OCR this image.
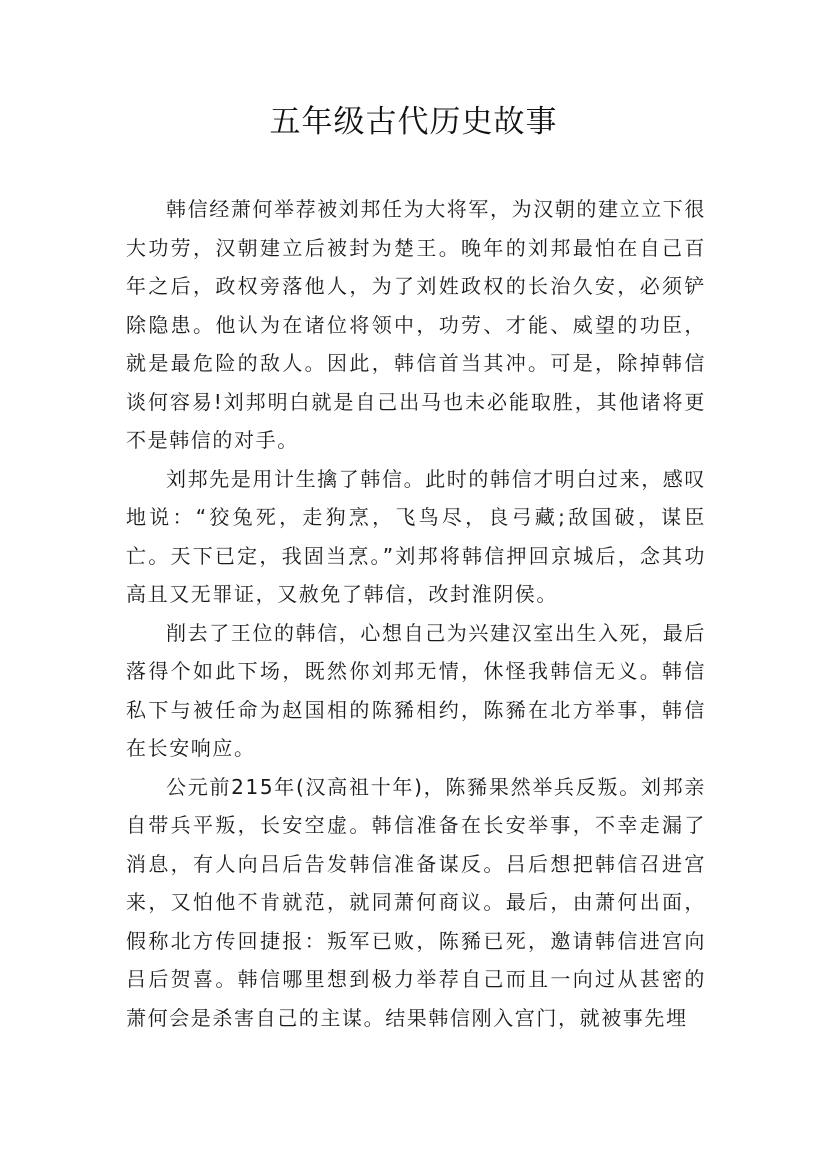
五年级古代历史故事

韩信经萧何举荐被刘邦任为大将军，为汉朝的建立立下很大功劳，汉朝建立后被封为楚王。晚年的刘邦最怕在自己百年之后，政权旁落他人，为了刘姓政权的长治久安，必须铲除隐患。他认为在诸位将领中，功劳、才能、威望的功臣，就是最危险的敌人。因此，韩信首当其冲。可是，除掉韩信谈何容易!刘邦明白就是自己出马也未必能取胜，其他诸将更不是韩信的对手。

刘邦先是用计生擒了韩信。此时的韩信才明白过来，感叹地说：“狡兔死，走狗烹，飞鸟尽，良弓藏;敌国破，谋臣亡。天下已定，我固当烹。”刘邦将韩信押回京城后，念其功高且又无罪证，又赦免了韩信，改封淮阴侯。

削去了王位的韩信，心想自己为兴建汉室出生入死，最后落得个如此下场，既然你刘邦无情，休怪我韩信无义。韩信私下与被任命为赵国相的陈豨相约，陈豨在北方举事，韩信在长安响应。

公元前215年(汉高祖十年)，陈豨果然举兵反叛。刘邦亲自带兵平叛，长安空虚。韩信准备在长安举事，不幸走漏了消息，有人向吕后告发韩信准备谋反。吕后想把韩信召进宫来，又怕他不肯就范，就同萧何商议。最后，由萧何出面，假称北方传回捷报：叛军已败，陈豨已死，邀请韩信进宫向吕后贺喜。韩信哪里想到极力举荐自己而且一向过从甚密的萧何会是杀害自己的主谋。结果韩信刚入宫门，就被事先埋
